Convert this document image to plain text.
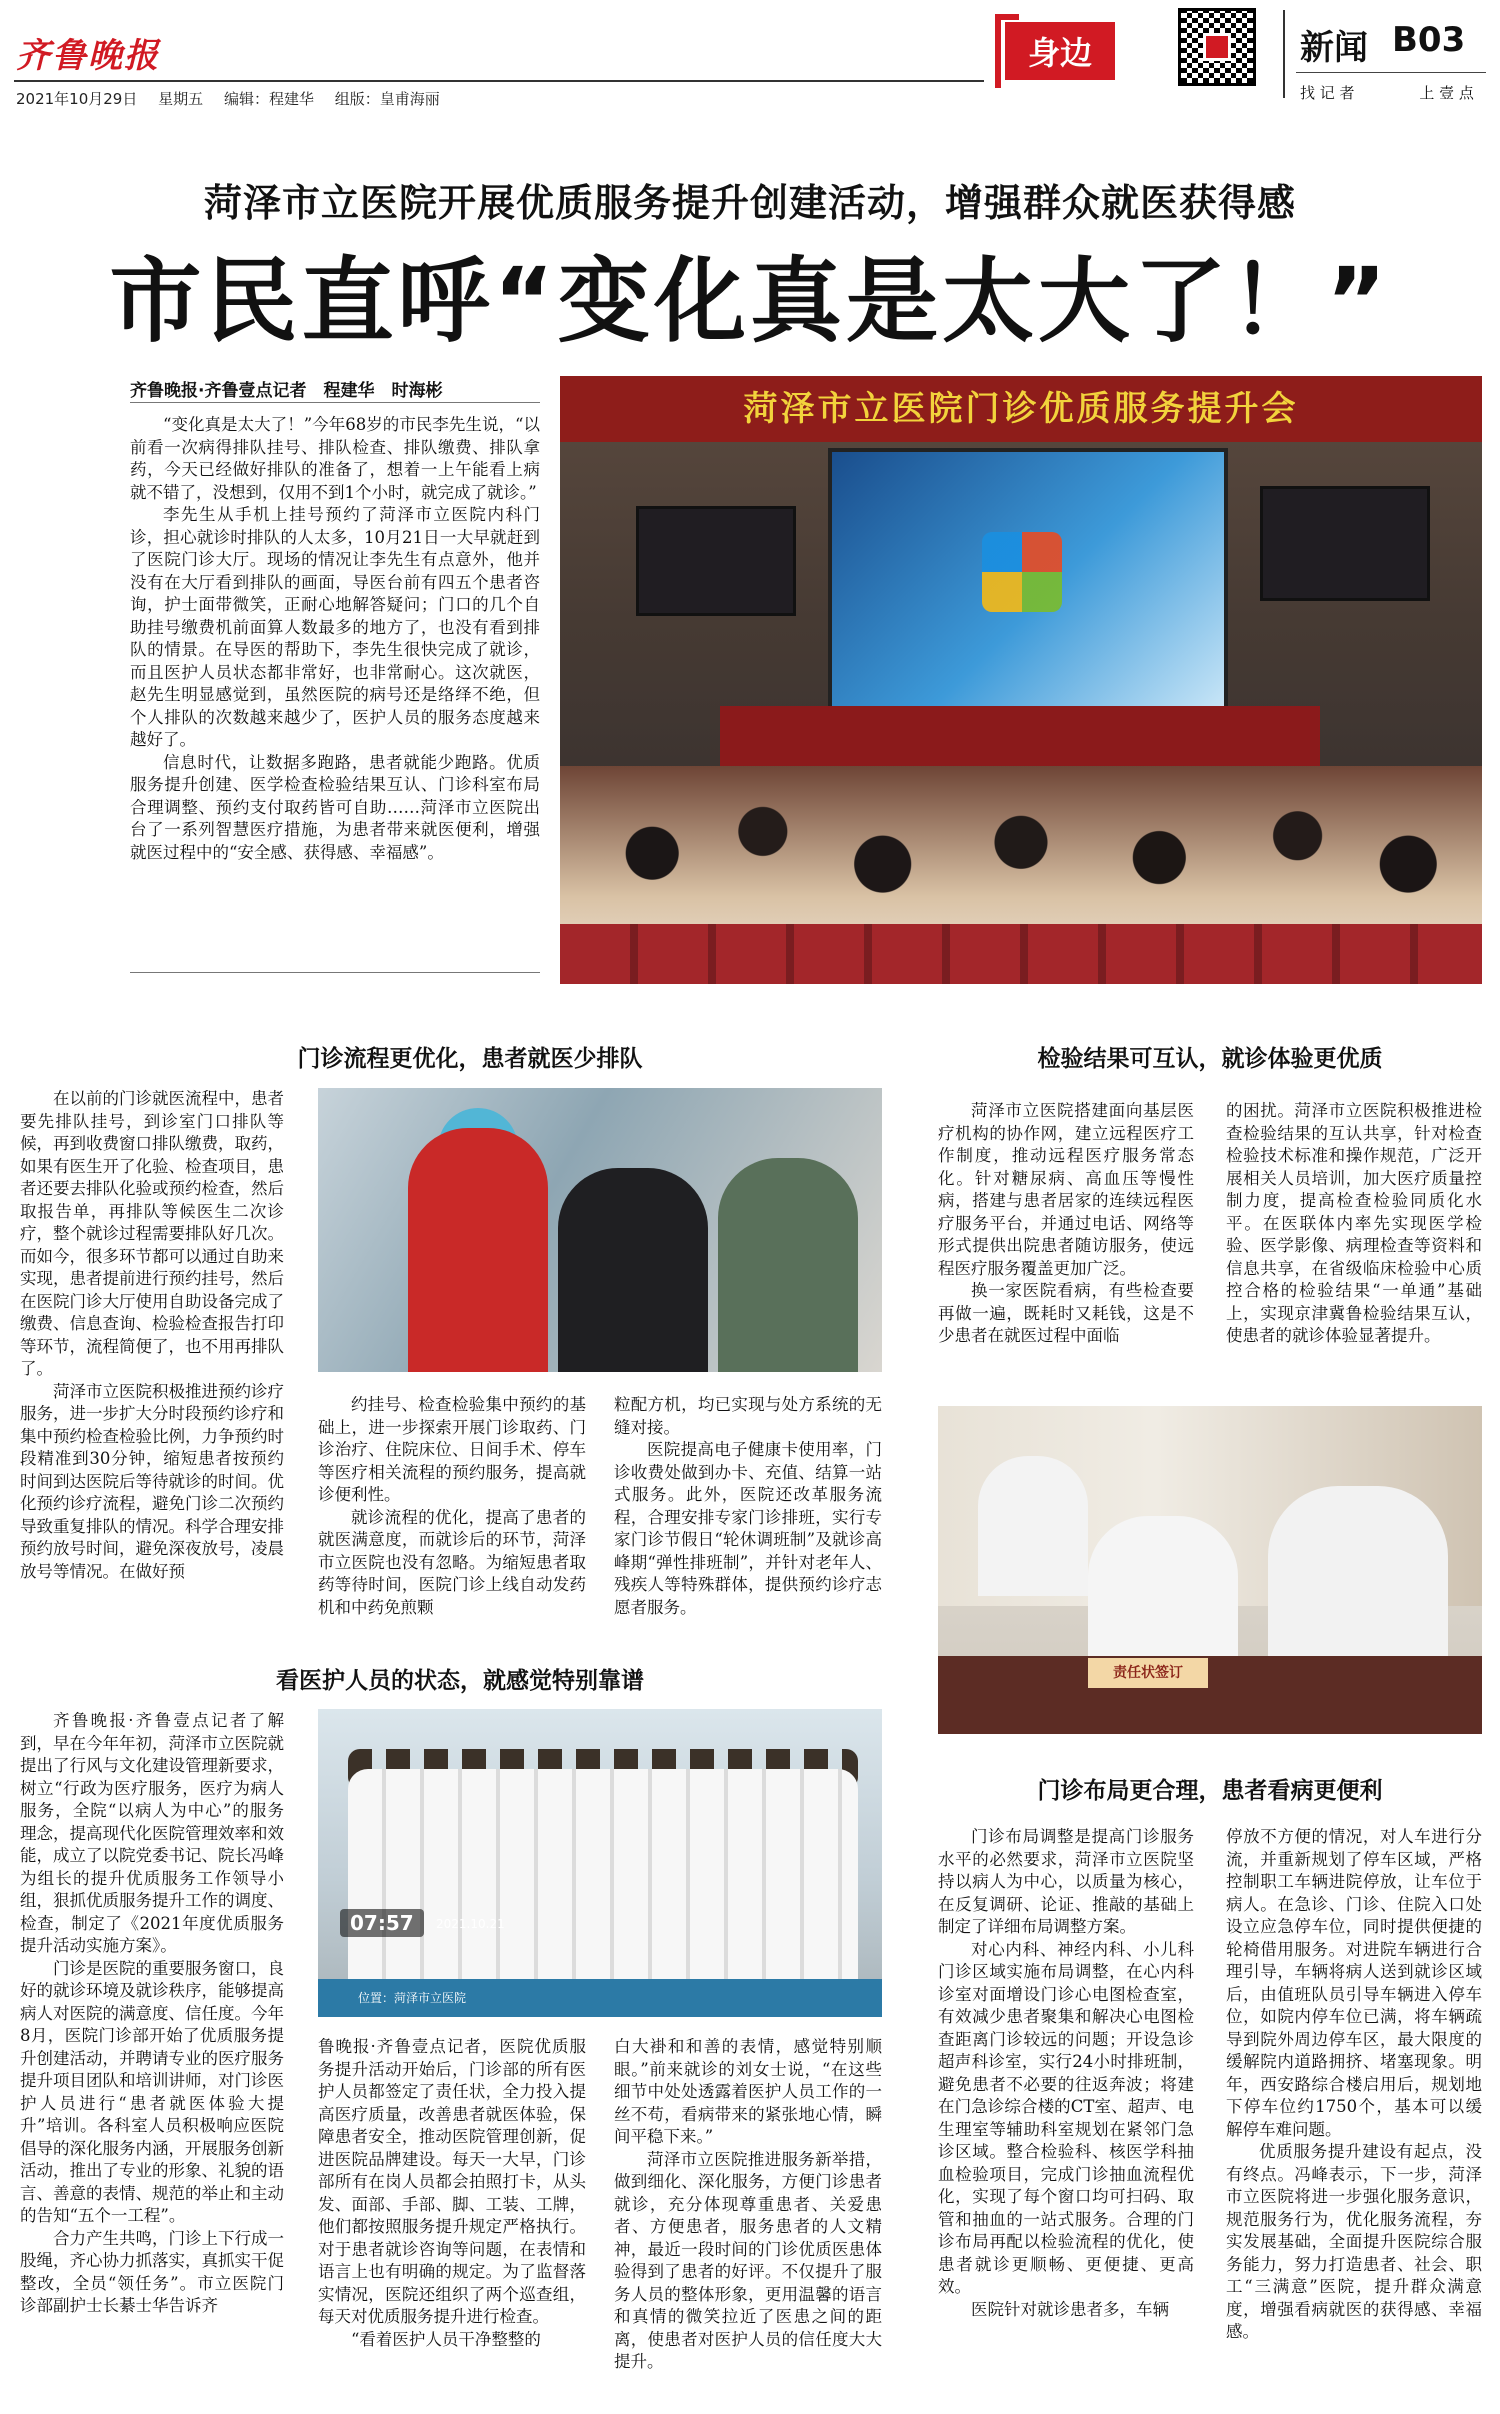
齐鲁晚报
2021年10月29日 星期五 编辑：程建华 组版：皇甫海丽
身边	新闻 B03
找 记 者	上 壹 点
菏泽市立医院开展优质服务提升创建活动，增强群众就医获得感
市民直呼“变化真是太大了！”
齐鲁晚报·齐鲁壹点记者　程建华　时海彬

“变化真是太大了！”今年68岁的市民李先生说，“以前看一次病得排队挂号、排队检查、排队缴费、排队拿药，今天已经做好排队的准备了，想着一上午能看上病就不错了，没想到，仅用不到1个小时，就完成了就诊。”

李先生从手机上挂号预约了菏泽市立医院内科门诊，担心就诊时排队的人太多，10月21日一大早就赶到了医院门诊大厅。现场的情况让李先生有点意外，他并没有在大厅看到排队的画面，导医台前有四五个患者咨询，护士面带微笑，正耐心地解答疑问；门口的几个自助挂号缴费机前面算人数最多的地方了，也没有看到排队的情景。在导医的帮助下，李先生很快完成了就诊，而且医护人员状态都非常好，也非常耐心。这次就医，赵先生明显感觉到，虽然医院的病号还是络绎不绝，但个人排队的次数越来越少了，医护人员的服务态度越来越好了。

信息时代，让数据多跑路，患者就能少跑路。优质服务提升创建、医学检查检验结果互认、门诊科室布局合理调整、预约支付取药皆可自助……菏泽市立医院出台了一系列智慧医疗措施，为患者带来就医便利，增强就医过程中的“安全感、获得感、幸福感”。

菏泽市立医院门诊优质服务提升会
门诊流程更优化，患者就医少排队

在以前的门诊就医流程中，患者要先排队挂号，到诊室门口排队等候，再到收费窗口排队缴费，取药，如果有医生开了化验、检查项目，患者还要去排队化验或预约检查，然后取报告单，再排队等候医生二次诊疗，整个就诊过程需要排队好几次。而如今，很多环节都可以通过自助来实现，患者提前进行预约挂号，然后在医院门诊大厅使用自助设备完成了缴费、信息查询、检验检查报告打印等环节，流程简便了，也不用再排队了。

菏泽市立医院积极推进预约诊疗服务，进一步扩大分时段预约诊疗和集中预约检查检验比例，力争预约时段精准到30分钟，缩短患者按预约时间到达医院后等待就诊的时间。优化预约诊疗流程，避免门诊二次预约导致重复排队的情况。科学合理安排预约放号时间，避免深夜放号，凌晨放号等情况。在做好预

约挂号、检查检验集中预约的基础上，进一步探索开展门诊取药、门诊治疗、住院床位、日间手术、停车等医疗相关流程的预约服务，提高就诊便利性。

就诊流程的优化，提高了患者的就医满意度，而就诊后的环节，菏泽市立医院也没有忽略。为缩短患者取药等待时间，医院门诊上线自动发药机和中药免煎颗

粒配方机，均已实现与处方系统的无缝对接。

医院提高电子健康卡使用率，门诊收费处做到办卡、充值、结算一站式服务。此外，医院还改革服务流程，合理安排专家门诊排班，实行专家门诊节假日“轮休调班制”及就诊高峰期“弹性排班制”，并针对老年人、残疾人等特殊群体，提供预约诊疗志愿者服务。

检验结果可互认，就诊体验更优质

菏泽市立医院搭建面向基层医疗机构的协作网，建立远程医疗工作制度，推动远程医疗服务常态化。针对糖尿病、高血压等慢性病，搭建与患者居家的连续远程医疗服务平台，并通过电话、网络等形式提供出院患者随访服务，使远程医疗服务覆盖更加广泛。

换一家医院看病，有些检查要再做一遍，既耗时又耗钱，这是不少患者在就医过程中面临

的困扰。菏泽市立医院积极推进检查检验结果的互认共享，针对检查检验技术标准和操作规范，广泛开展相关人员培训，加大医疗质量控制力度，提高检查检验同质化水平。在医联体内率先实现医学检验、医学影像、病理检查等资料和信息共享，在省级临床检验中心质控合格的检验结果“一单通”基础上，实现京津冀鲁检验结果互认，使患者的就诊体验显著提升。

责任状签订
看医护人员的状态，就感觉特别靠谱

齐鲁晚报·齐鲁壹点记者了解到，早在今年年初，菏泽市立医院就提出了行风与文化建设管理新要求，树立“行政为医疗服务，医疗为病人服务，全院“以病人为中心”的服务理念，提高现代化医院管理效率和效能，成立了以院党委书记、院长冯峰为组长的提升优质服务工作领导小组，狠抓优质服务提升工作的调度、检查，制定了《2021年度优质服务提升活动实施方案》。

门诊是医院的重要服务窗口，良好的就诊环境及就诊秩序，能够提高病人对医院的满意度、信任度。今年8月，医院门诊部开始了优质服务提升创建活动，并聘请专业的医疗服务提升项目团队和培训讲师，对门诊医护人员进行“患者就医体验大提升”培训。各科室人员积极响应医院倡导的深化服务内涵，开展服务创新活动，推出了专业的形象、礼貌的语言、善意的表情、规范的举止和主动的告知“五个一工程”。

合力产生共鸣，门诊上下行成一股绳，齐心协力抓落实，真抓实干促整改，全员“领任务”。市立医院门诊部副护士长綦士华告诉齐

07:57	2021.10.21
位置：菏泽市立医院

鲁晚报·齐鲁壹点记者，医院优质服务提升活动开始后，门诊部的所有医护人员都签定了责任状，全力投入提高医疗质量，改善患者就医体验，保障患者安全，推动医院管理创新，促进医院品牌建设。每天一大早，门诊部所有在岗人员都会拍照打卡，从头发、面部、手部、脚、工装、工牌，他们都按照服务提升规定严格执行。对于患者就诊咨询等问题，在表情和语言上也有明确的规定。为了监督落实情况，医院还组织了两个巡查组，每天对优质服务提升进行检查。

“看着医护人员干净整整的

白大褂和和善的表情，感觉特别顺眼。”前来就诊的刘女士说，“在这些细节中处处透露着医护人员工作的一丝不苟，看病带来的紧张地心情，瞬间平稳下来。”

菏泽市立医院推进服务新举措，做到细化、深化服务，方便门诊患者就诊，充分体现尊重患者、关爱患者、方便患者，服务患者的人文精神，最近一段时间的门诊优质医患体验得到了患者的好评。不仅提升了服务人员的整体形象，更用温馨的语言和真情的微笑拉近了医患之间的距离，使患者对医护人员的信任度大大提升。

门诊布局更合理，患者看病更便利

门诊布局调整是提高门诊服务水平的必然要求，菏泽市立医院坚持以病人为中心，以质量为核心，在反复调研、论证、推敲的基础上制定了详细布局调整方案。

对心内科、神经内科、小儿科门诊区域实施布局调整，在心内科诊室对面增设门诊心电图检查室，有效减少患者聚集和解决心电图检查距离门诊较远的问题；开设急诊超声科诊室，实行24小时排班制，避免患者不必要的往返奔波；将建在门急诊综合楼的CT室、超声、电生理室等辅助科室规划在紧邻门急诊区域。整合检验科、核医学科抽血检验项目，完成门诊抽血流程优化，实现了每个窗口均可扫码、取管和抽血的一站式服务。合理的门诊布局再配以检验流程的优化，使患者就诊更顺畅、更便捷、更高效。

医院针对就诊患者多，车辆

停放不方便的情况，对人车进行分流，并重新规划了停车区域，严格控制职工车辆进院停放，让车位于病人。在急诊、门诊、住院入口处设立应急停车位，同时提供便捷的轮椅借用服务。对进院车辆进行合理引导，车辆将病人送到就诊区域后，由值班队员引导车辆进入停车位，如院内停车位已满，将车辆疏导到院外周边停车区，最大限度的缓解院内道路拥挤、堵塞现象。明年，西安路综合楼启用后，规划地下停车位约1750个，基本可以缓解停车难问题。

优质服务提升建设有起点，没有终点。冯峰表示，下一步，菏泽市立医院将进一步强化服务意识，规范服务行为，优化服务流程，夯实发展基础，全面提升医院综合服务能力，努力打造患者、社会、职工“三满意”医院，提升群众满意度，增强看病就医的获得感、幸福感。
